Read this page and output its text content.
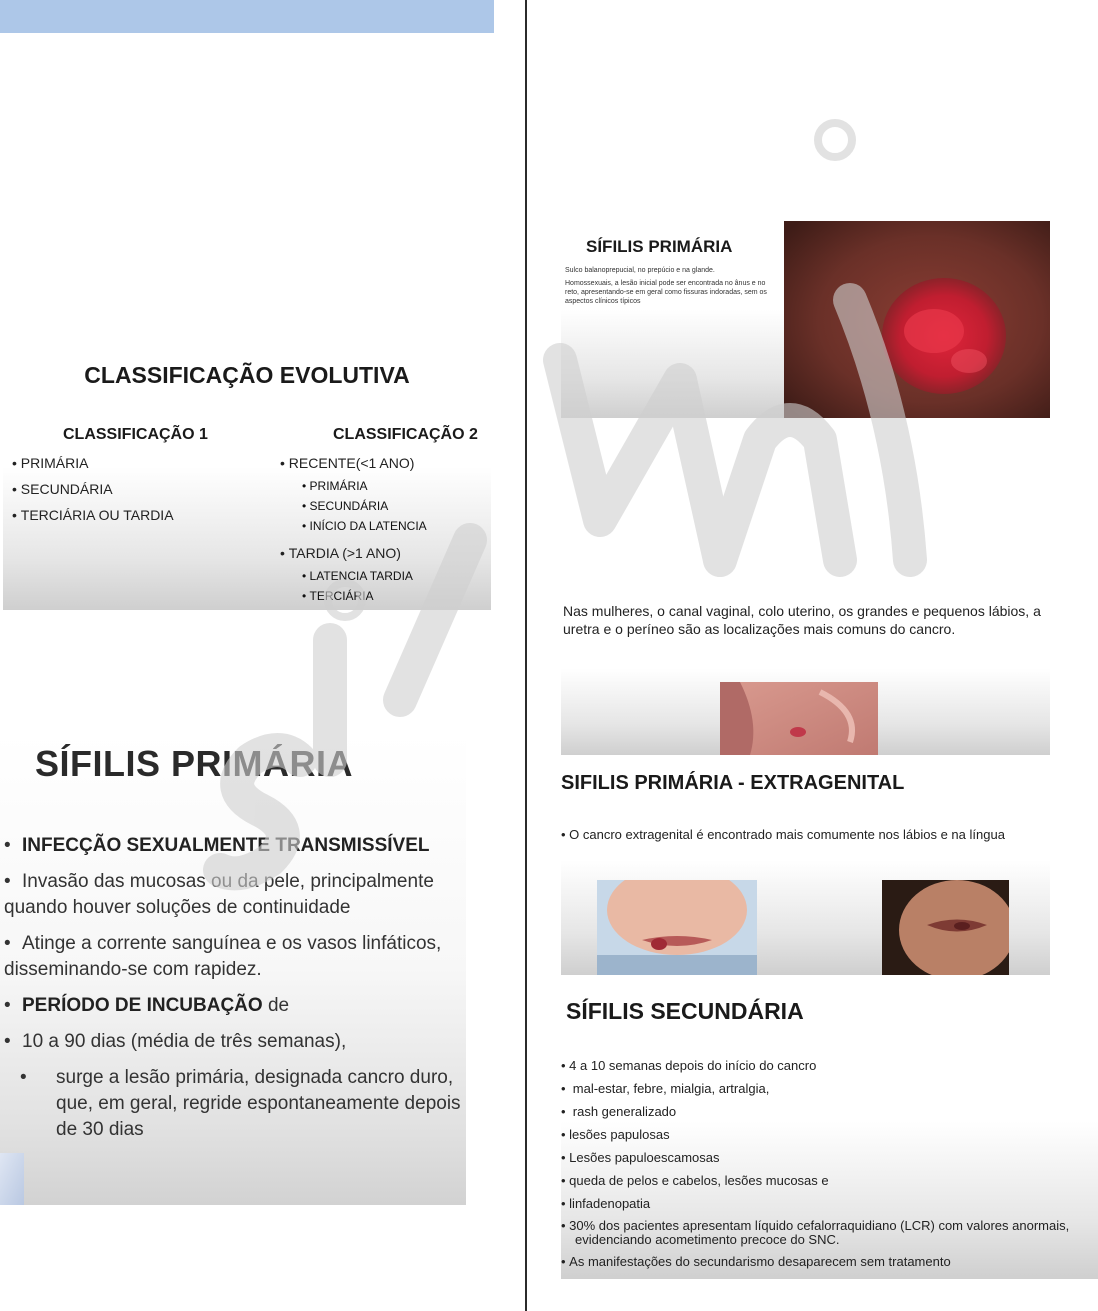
CLASSIFICAÇÃO EVOLUTIVA
CLASSIFICAÇÃO 1	CLASSIFICAÇÃO 2
• PRIMÁRIA
• SECUNDÁRIA
• TERCIÁRIA OU TARDIA
• RECENTE(<1 ANO)
• PRIMÁRIA
• SECUNDÁRIA
• INÍCIO DA LATENCIA
• TARDIA (>1 ANO)
• LATENCIA TARDIA
• TERCIÁRIA
SÍFILIS PRIMÁRIA

• INFECÇÃO SEXUALMENTE TRANSMISSÍVEL

• Invasão das mucosas ou da pele, principalmente quando houver soluções de continuidade

• Atinge a corrente sanguínea e os vasos linfáticos, disseminando-se com rapidez.

• PERÍODO DE INCUBAÇÃO de

• 10 a 90 dias (média de três semanas),

• surge a lesão primária, designada cancro duro, que, em geral, regride espontaneamente depois de 30 dias

SÍFILIS PRIMÁRIA

Sulco balanoprepucial, no prepúcio e na glande.

Homossexuais, a lesão inicial pode ser encontrada no ânus e no reto, apresentando-se em geral como fissuras indoradas, sem os aspectos clínicos típicos

Nas mulheres, o canal vaginal, colo uterino, os grandes e pequenos lábios, a uretra e o períneo são as localizações mais comuns do cancro.
SIFILIS PRIMÁRIA - EXTRAGENITAL
• O cancro extragenital é encontrado mais comumente nos lábios e na língua
SÍFILIS SECUNDÁRIA
• 4 a 10 semanas depois do início do cancro
•  mal-estar, febre, mialgia, artralgia,
•  rash generalizado
• lesões papulosas
• Lesões papuloescamosas
• queda de pelos e cabelos, lesões mucosas e
• linfadenopatia
• 30% dos pacientes apresentam líquido cefalorraquidiano (LCR) com valores anormais, evidenciando acometimento precoce do SNC.
• As manifestações do secundarismo desaparecem sem tratamento
